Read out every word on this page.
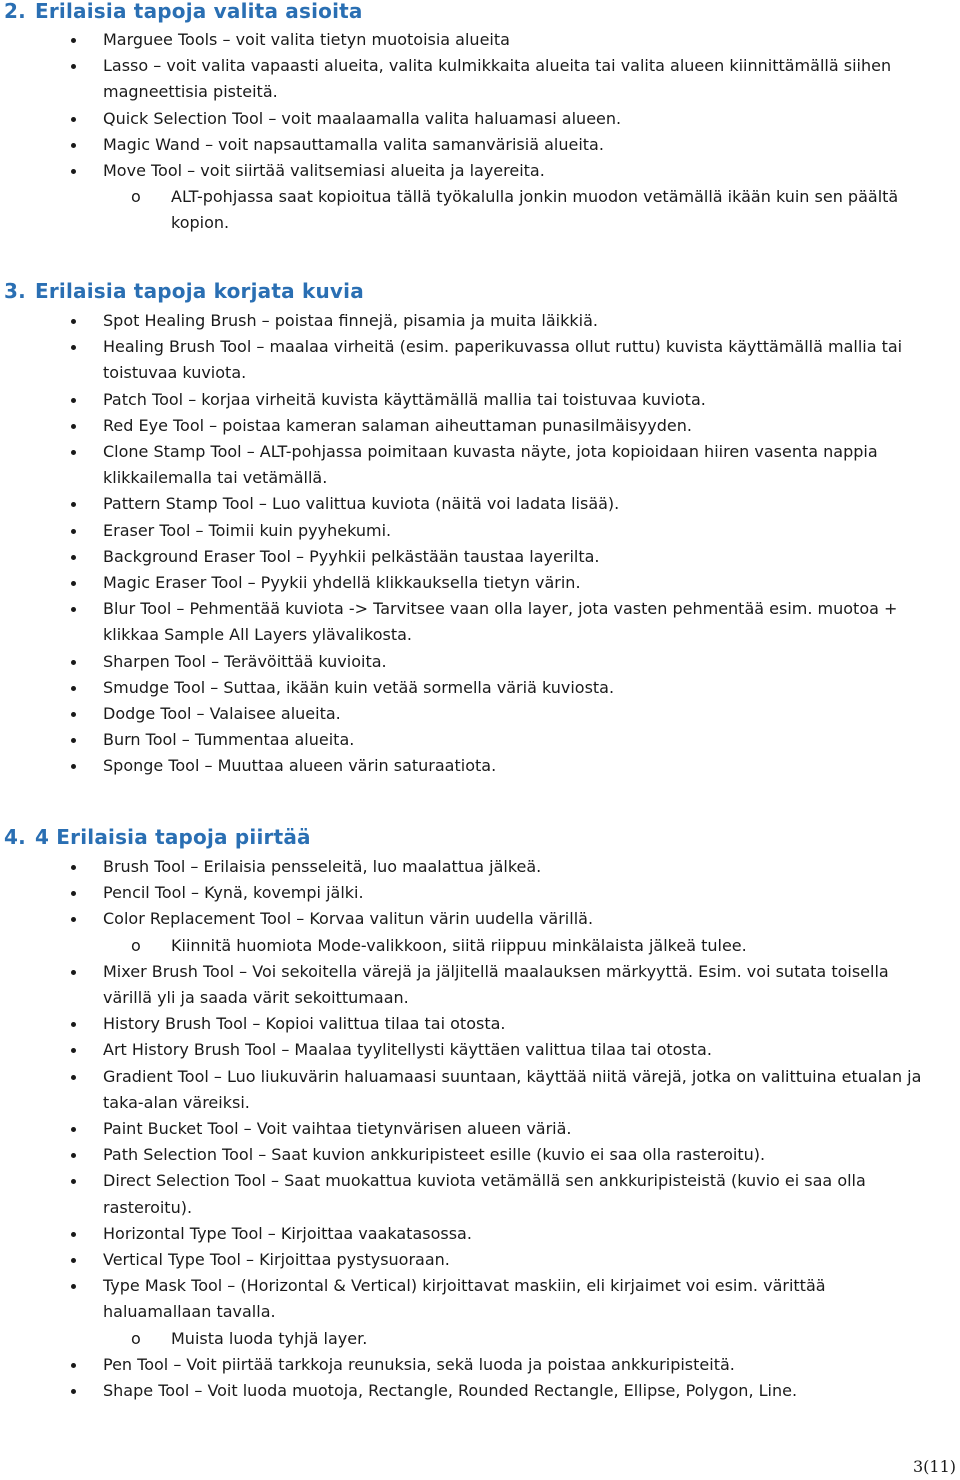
2. Erilaisia tapoja valita asioita
Marguee Tools – voit valita tietyn muotoisia alueita
Lasso – voit valita vapaasti alueita, valita kulmikkaita alueita tai valita alueen kiinnittämällä siihen magneettisia pisteitä.
Quick Selection Tool – voit maalaamalla valita haluamasi alueen.
Magic Wand – voit napsauttamalla valita samanvärisiä alueita.
Move Tool – voit siirtää valitsemiasi alueita ja layereita.
o ALT-pohjassa saat kopioitua tällä työkalulla jonkin muodon vetämällä ikään kuin sen päältä kopion.
3. Erilaisia tapoja korjata kuvia
Spot Healing Brush – poistaa finnejä, pisamia ja muita läikkiä.
Healing Brush Tool – maalaa virheitä (esim. paperikuvassa ollut ruttu) kuvista käyttämällä mallia tai toistuvaa kuviota.
Patch Tool – korjaa virheitä kuvista käyttämällä mallia tai toistuvaa kuviota.
Red Eye Tool – poistaa kameran salaman aiheuttaman punasilmäisyyden.
Clone Stamp Tool – ALT-pohjassa poimitaan kuvasta näyte, jota kopioidaan hiiren vasenta nappia klikkailemalla tai vetämällä.
Pattern Stamp Tool – Luo valittua kuviota (näitä voi ladata lisää).
Eraser Tool – Toimii kuin pyyhekumi.
Background Eraser Tool – Pyyhkii pelkästään taustaa layerilta.
Magic Eraser Tool – Pyykii yhdellä klikkauksella tietyn värin.
Blur Tool – Pehmentää kuviota -> Tarvitsee vaan olla layer, jota vasten pehmentää esim. muotoa + klikkaa Sample All Layers ylävalikosta.
Sharpen Tool – Terävöittää kuvioita.
Smudge Tool – Suttaa, ikään kuin vetää sormella väriä kuviosta.
Dodge Tool – Valaisee alueita.
Burn Tool – Tummentaa alueita.
Sponge Tool – Muuttaa alueen värin saturaatiota.
4. 4 Erilaisia tapoja piirtää
Brush Tool – Erilaisia pensseleitä, luo maalattua jälkeä.
Pencil Tool – Kynä, kovempi jälki.
Color Replacement Tool – Korvaa valitun värin uudella värillä.
o Kiinnitä huomiota Mode-valikkoon, siitä riippuu minkälaista jälkeä tulee.
Mixer Brush Tool – Voi sekoitella värejä ja jäljitellä maalauksen märkyyttä. Esim. voi sutata toisella värillä yli ja saada värit sekoittumaan.
History Brush Tool – Kopioi valittua tilaa tai otosta.
Art History Brush Tool – Maalaa tyylitellysti käyttäen valittua tilaa tai otosta.
Gradient Tool – Luo liukuvärin haluamaasi suuntaan, käyttää niitä värejä, jotka on valittuina etualan ja taka-alan väreiksi.
Paint Bucket Tool – Voit vaihtaa tietynvärisen alueen väriä.
Path Selection Tool – Saat kuvion ankkuripisteet esille (kuvio ei saa olla rasteroitu).
Direct Selection Tool – Saat muokattua kuviota vetämällä sen ankkuripisteistä (kuvio ei saa olla rasteroitu).
Horizontal Type Tool – Kirjoittaa vaakatasossa.
Vertical Type Tool – Kirjoittaa pystysuoraan.
Type Mask Tool – (Horizontal & Vertical) kirjoittavat maskiin, eli kirjaimet voi esim. värittää haluamallaan tavalla.
o Muista luoda tyhjä layer.
Pen Tool – Voit piirtää tarkkoja reunuksia, sekä luoda ja poistaa ankkuripisteitä.
Shape Tool – Voit luoda muotoja, Rectangle, Rounded Rectangle, Ellipse, Polygon, Line.
3(11)
